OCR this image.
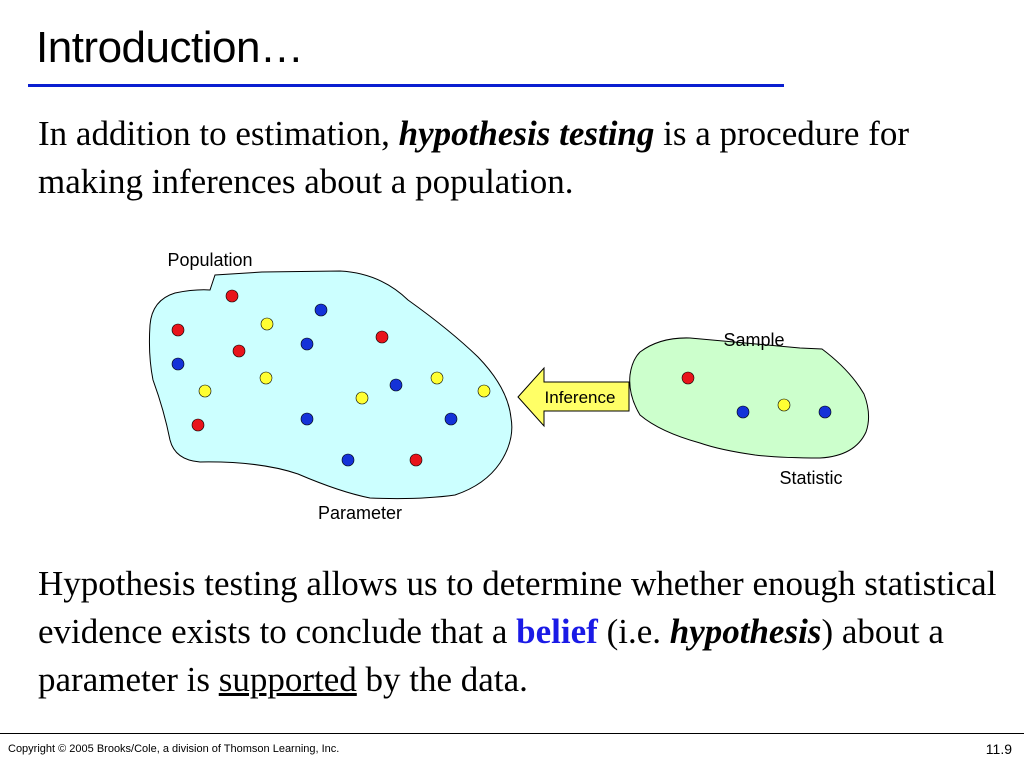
Introduction…
In addition to estimation, hypothesis testing is a procedure for making inferences about a population.
Inference
Population
Parameter
Sample
Statistic
Hypothesis testing allows us to determine whether enough statistical evidence exists to conclude that a belief (i.e. hypothesis) about a parameter is supported by the data.
Copyright © 2005 Brooks/Cole, a division of Thomson Learning, Inc.	11.9
